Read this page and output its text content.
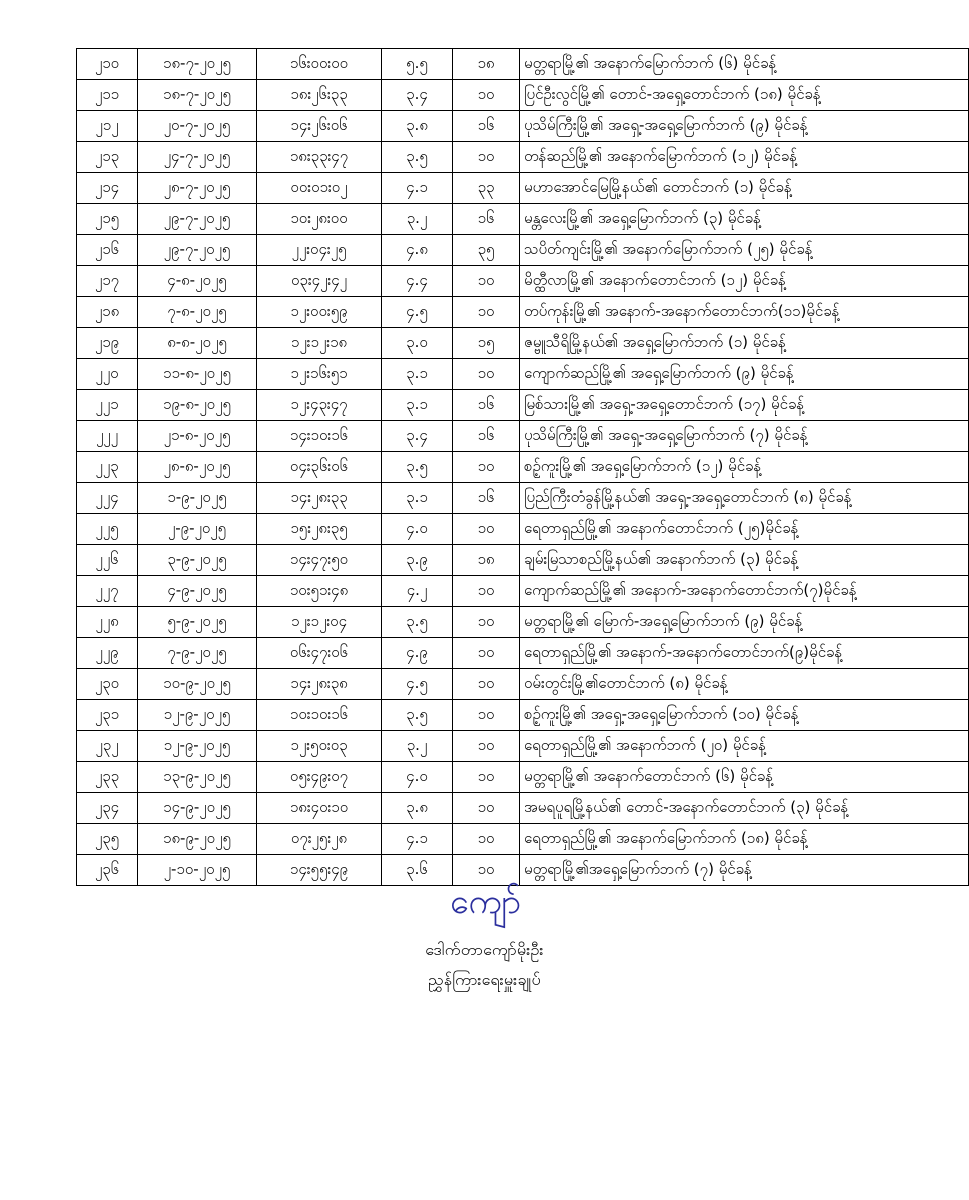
၂၁၀	၁၈-၇-၂၀၂၅	၁၆း၀၀း၀၀	၅.၅	၁၈	မတ္တရာမြို့၏ အနောက်မြောက်ဘက် (၆) မိုင်ခန့်
၂၁၁	၁၈-၇-၂၀၂၅	၁၈း၂၆း၃၃	၃.၄	၁၀	ပြင်ဦးလွင်မြို့၏ တောင်-အရှေ့တောင်ဘက် (၁၈) မိုင်ခန့်
၂၁၂	၂၀-၇-၂၀၂၅	၁၄း၂၆း၀၆	၃.၈	၁၆	ပုသိမ်ကြီးမြို့၏ အရှေ့-အရှေ့မြောက်ဘက် (၉) မိုင်ခန့်
၂၁၃	၂၄-၇-၂၀၂၅	၁၈း၃၃း၄၇	၃.၅	၁၀	တန်ဆည်မြို့၏ အနောက်မြောက်ဘက် (၁၂) မိုင်ခန့်
၂၁၄	၂၈-၇-၂၀၂၅	၀၀း၀၁း၀၂	၄.၁	၃၃	မဟာအောင်မြေမြို့နယ်၏ တောင်ဘက် (၁) မိုင်ခန့်
၂၁၅	၂၉-၇-၂၀၂၅	၁၀း၂၈း၀၀	၃.၂	၁၆	မန္တလေးမြို့၏ အရှေ့မြောက်ဘက် (၃) မိုင်ခန့်
၂၁၆	၂၉-၇-၂၀၂၅	၂၂း၀၄း၂၅	၄.၈	၃၅	သပိတ်ကျင်းမြို့၏ အနောက်မြောက်ဘက် (၂၅) မိုင်ခန့်
၂၁၇	၄-၈-၂၀၂၅	၀၃း၄၂း၄၂	၄.၄	၁၀	မိတ္ထီလာမြို့၏ အနောက်တောင်ဘက် (၁၂) မိုင်ခန့်
၂၁၈	၇-၈-၂၀၂၅	၁၂း၀၀း၅၉	၄.၅	၁၀	တပ်ကုန်းမြို့၏ အနောက်-အနောက်တောင်ဘက်(၁၁)မိုင်ခန့်
၂၁၉	၈-၈-၂၀၂၅	၁၂း၁၂း၁၈	၃.၀	၁၅	ဇမ္ဗူသီရိမြို့နယ်၏ အရှေ့မြောက်ဘက် (၁) မိုင်ခန့်
၂၂၀	၁၁-၈-၂၀၂၅	၁၂း၁၆း၅၁	၃.၁	၁၀	ကျောက်ဆည်မြို့၏ အရှေ့မြောက်ဘက် (၉) မိုင်ခန့်
၂၂၁	၁၉-၈-၂၀၂၅	၁၂း၄၃း၄၇	၃.၁	၁၆	မြစ်သားမြို့၏ အရှေ့-အရှေ့တောင်ဘက် (၁၇) မိုင်ခန့်
၂၂၂	၂၁-၈-၂၀၂၅	၁၄း၁၀း၁၆	၃.၄	၁၆	ပုသိမ်ကြီးမြို့၏ အရှေ့-အရှေ့မြောက်ဘက် (၇) မိုင်ခန့်
၂၂၃	၂၈-၈-၂၀၂၅	၀၄း၃၆း၀၆	၃.၅	၁၀	စဉ့်ကူးမြို့၏ အရှေ့မြောက်ဘက် (၁၂) မိုင်ခန့်
၂၂၄	၁-၉-၂၀၂၅	၁၄း၂၈း၃၃	၃.၁	၁၆	ပြည်ကြီးတံခွန်မြို့နယ်၏ အရှေ့-အရှေ့တောင်ဘက် (၈) မိုင်ခန့်
၂၂၅	၂-၉-၂၀၂၅	၁၅း၂၈း၃၅	၄.၀	၁၀	ရေတာရှည်မြို့၏ အနောက်တောင်ဘက် (၂၅)မိုင်ခန့်
၂၂၆	၃-၉-၂၀၂၅	၁၄း၄၇း၅၀	၃.၉	၁၈	ချမ်းမြသာစည်မြို့နယ်၏ အနောက်ဘက် (၃) မိုင်ခန့်
၂၂၇	၄-၉-၂၀၂၅	၁၀း၅၁း၄၈	၄.၂	၁၀	ကျောက်ဆည်မြို့၏ အနောက်-အနောက်တောင်ဘက်(၇)မိုင်ခန့်
၂၂၈	၅-၉-၂၀၂၅	၁၂း၁၂း၀၄	၃.၅	၁၀	မတ္တရာမြို့၏ မြောက်-အရှေ့မြောက်ဘက် (၉) မိုင်ခန့်
၂၂၉	၇-၉-၂၀၂၅	၀၆း၄၇း၀၆	၄.၉	၁၀	ရေတာရှည်မြို့၏ အနောက်-အနောက်တောင်ဘက်(၉)မိုင်ခန့်
၂၃၀	၁၀-၉-၂၀၂၅	၁၄း၂၈း၃၈	၄.၅	၁၀	ဝမ်းတွင်းမြို့၏တောင်ဘက် (၈) မိုင်ခန့်
၂၃၁	၁၂-၉-၂၀၂၅	၁၀း၁၀း၁၆	၃.၅	၁၀	စဉ့်ကူးမြို့၏ အရှေ့-အရှေ့မြောက်ဘက် (၁၀) မိုင်ခန့်
၂၃၂	၁၂-၉-၂၀၂၅	၁၂း၅၀း၀၃	၃.၂	၁၀	ရေတာရှည်မြို့၏ အနောက်ဘက် (၂၀) မိုင်ခန့်
၂၃၃	၁၃-၉-၂၀၂၅	၀၅း၄၉း၀၇	၄.၀	၁၀	မတ္တရာမြို့၏ အနောက်တောင်ဘက် (၆) မိုင်ခန့်
၂၃၄	၁၄-၉-၂၀၂၅	၁၈း၄၀း၁၀	၃.၈	၁၀	အမရပူရမြို့နယ်၏ တောင်-အနောက်တောင်ဘက် (၃) မိုင်ခန့်
၂၃၅	၁၈-၉-၂၀၂၅	၀၇း၂၅း၂၈	၄.၁	၁၀	ရေတာရှည်မြို့၏ အနောက်မြောက်ဘက် (၁၈) မိုင်ခန့်
၂၃၆	၂-၁၀-၂၀၂၅	၁၄း၅၅း၄၉	၃.၆	၁၀	မတ္တရာမြို့၏အရှေ့မြောက်ဘက် (၇) မိုင်ခန့်
ကျော်
ဒေါက်တာကျော်မိုးဦး
ညွှန်ကြားရေးမှူးချုပ်
